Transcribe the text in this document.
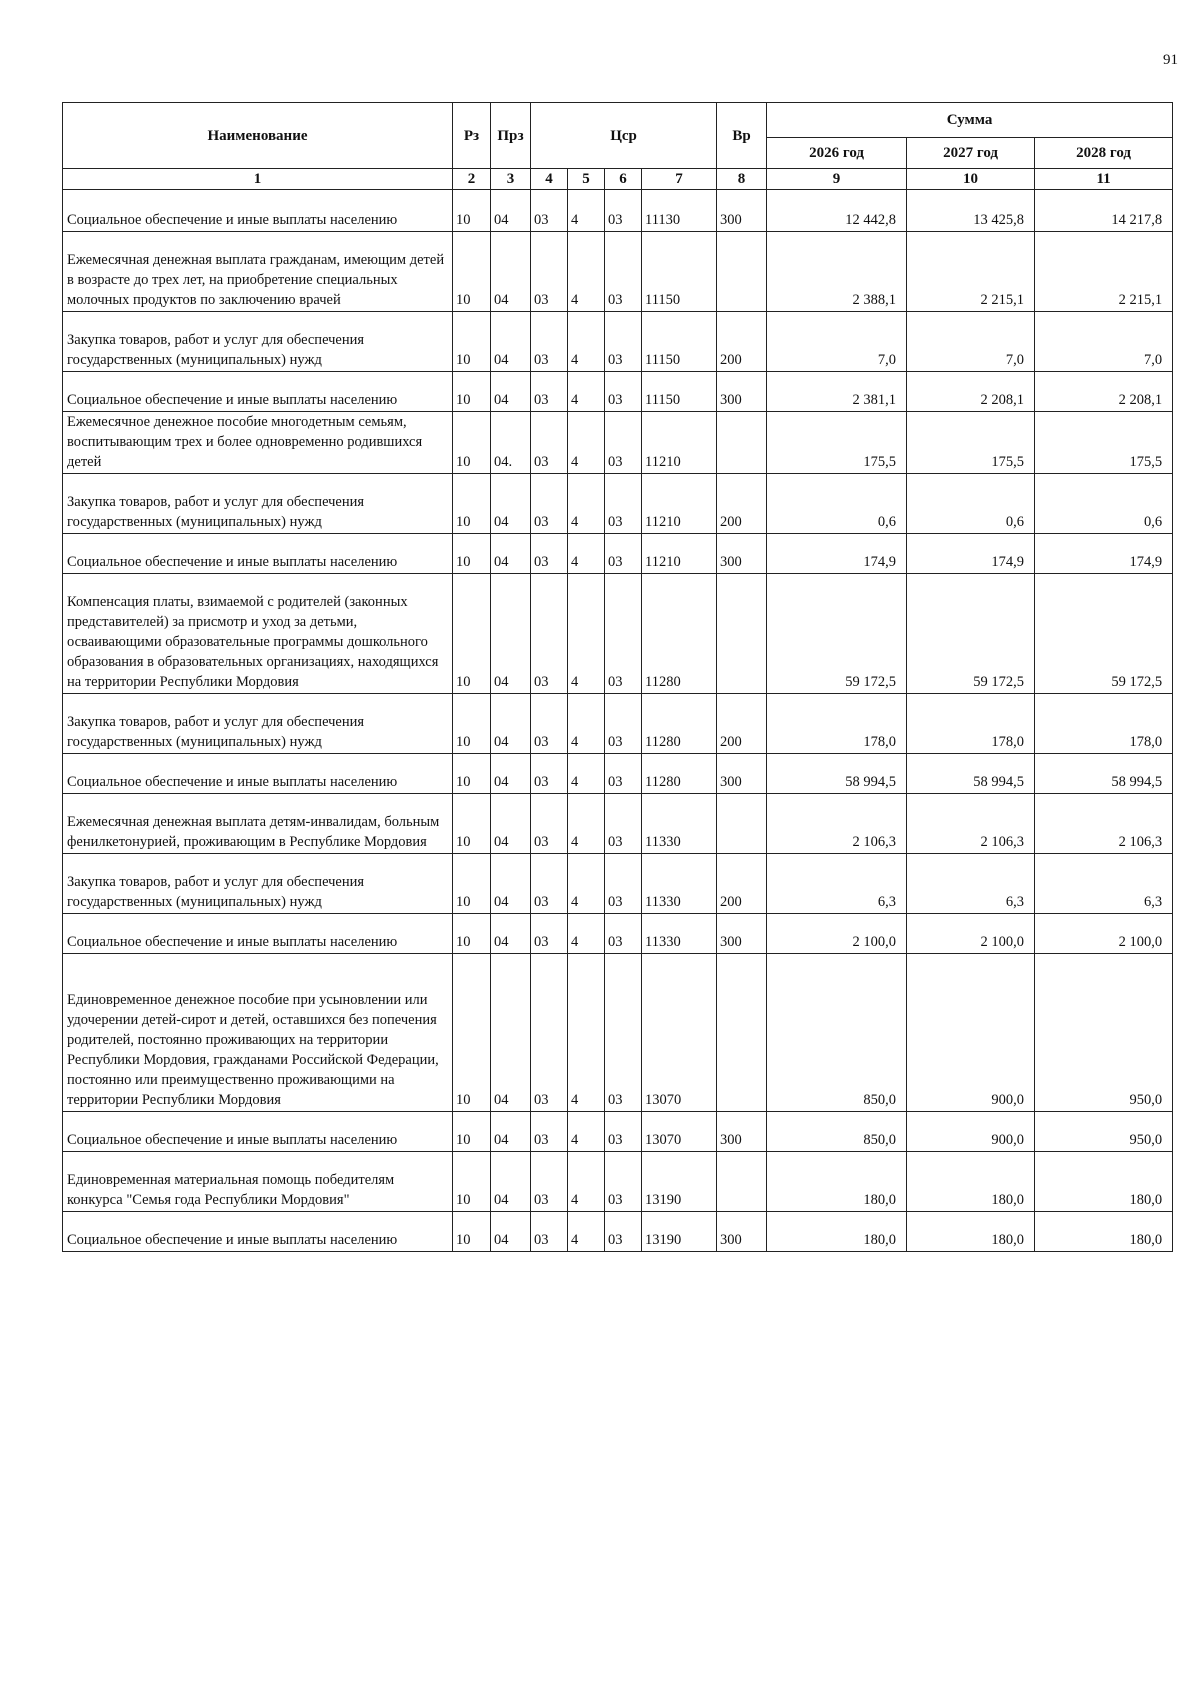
91
Наименование	Рз	Прз	Цср				Вр	Сумма		
								2026 год	2027 год	2028 год
1	2	3	4	5	6	7	8	9	10	11
Социальное обеспечение и иные выплаты населению	10	04	03	4	03	11130	300	12 442,8	13 425,8	14 217,8
Ежемесячная денежная выплата гражданам, имеющим детей в возрасте до трех лет, на приобретение специальных молочных продуктов по заключению врачей	10	04	03	4	03	11150		2 388,1	2 215,1	2 215,1
Закупка товаров, работ и услуг для обеспечения государственных (муниципальных) нужд	10	04	03	4	03	11150	200	7,0	7,0	7,0
Социальное обеспечение и иные выплаты населению	10	04	03	4	03	11150	300	2 381,1	2 208,1	2 208,1
Ежемесячное денежное пособие многодетным семьям, воспитывающим трех и более одновременно родившихся детей	10	04.	03	4	03	11210		175,5	175,5	175,5
Закупка товаров, работ и услуг для обеспечения государственных (муниципальных) нужд	10	04	03	4	03	11210	200	0,6	0,6	0,6
Социальное обеспечение и иные выплаты населению	10	04	03	4	03	11210	300	174,9	174,9	174,9
Компенсация платы, взимаемой с родителей (законных представителей) за присмотр и уход за детьми, осваивающими образовательные программы дошкольного образования в образовательных организациях, находящихся на территории Республики Мордовия	10	04	03	4	03	11280		59 172,5	59 172,5	59 172,5
Закупка товаров, работ и услуг для обеспечения государственных (муниципальных) нужд	10	04	03	4	03	11280	200	178,0	178,0	178,0
Социальное обеспечение и иные выплаты населению	10	04	03	4	03	11280	300	58 994,5	58 994,5	58 994,5
Ежемесячная денежная выплата детям-инвалидам, больным фенилкетонурией, проживающим в Республике Мордовия	10	04	03	4	03	11330		2 106,3	2 106,3	2 106,3
Закупка товаров, работ и услуг для обеспечения государственных (муниципальных) нужд	10	04	03	4	03	11330	200	6,3	6,3	6,3
Социальное обеспечение и иные выплаты населению	10	04	03	4	03	11330	300	2 100,0	2 100,0	2 100,0
Единовременное денежное пособие при усыновлении или удочерении детей-сирот и детей, оставшихся без попечения родителей, постоянно проживающих на территории Республики Мордовия, гражданами Российской Федерации, постоянно или преимущественно проживающими на территории Республики Мордовия	10	04	03	4	03	13070		850,0	900,0	950,0
Социальное обеспечение и иные выплаты населению	10	04	03	4	03	13070	300	850,0	900,0	950,0
Единовременная материальная помощь победителям конкурса "Семья года Республики Мордовия"	10	04	03	4	03	13190		180,0	180,0	180,0
Социальное обеспечение и иные выплаты населению	10	04	03	4	03	13190	300	180,0	180,0	180,0
